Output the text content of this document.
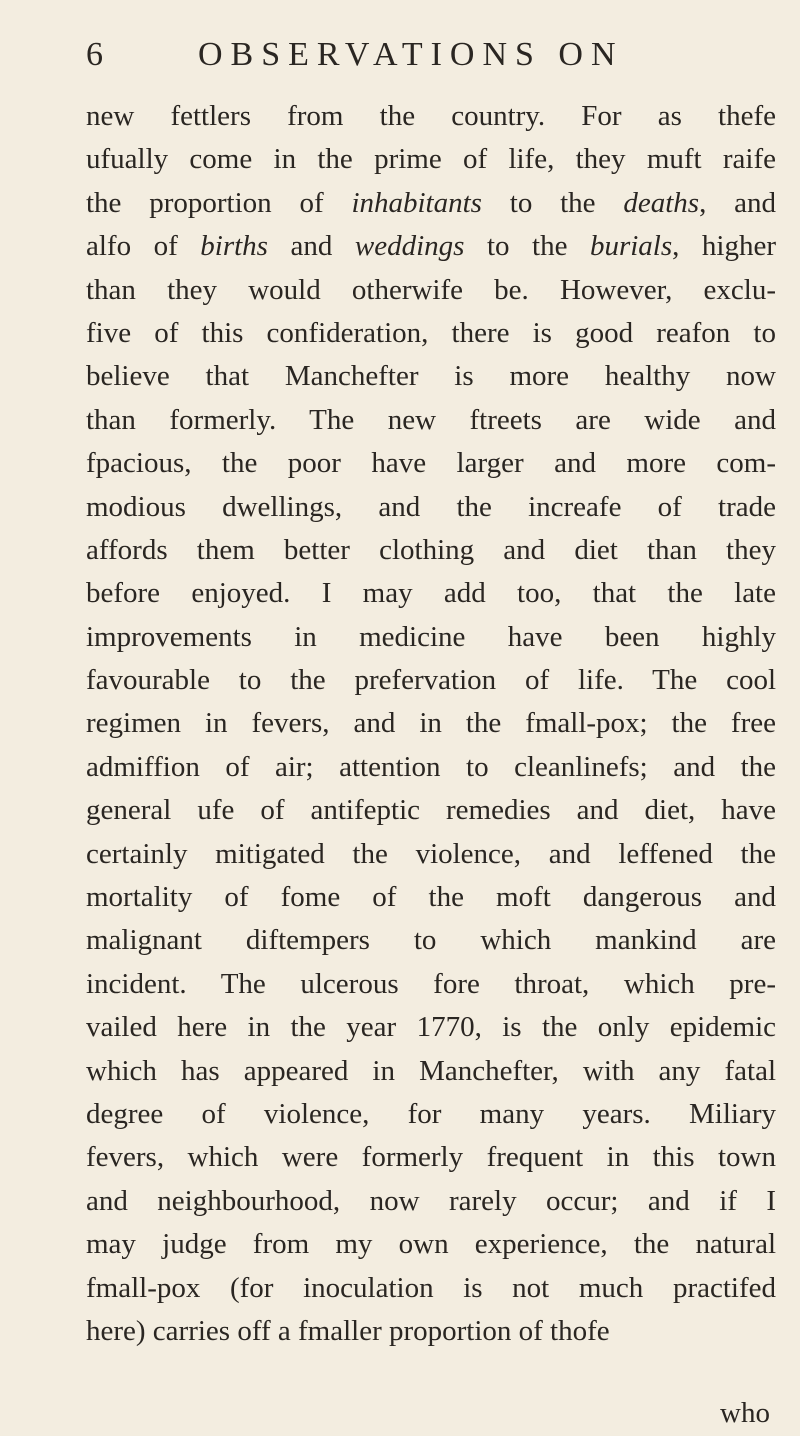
6	OBSERVATIONS ON
new fettlers from the country. For as thefe
ufually come in the prime of life, they muft raife
the proportion of inhabitants to the deaths, and
alfo of births and weddings to the burials, higher
than they would otherwife be. However, exclu-
five of this confideration, there is good reafon to
believe that Manchefter is more healthy now
than formerly. The new ftreets are wide and
fpacious, the poor have larger and more com-
modious dwellings, and the increafe of trade
affords them better clothing and diet than they
before enjoyed. I may add too, that the late
improvements in medicine have been highly
favourable to the prefervation of life. The cool
regimen in fevers, and in the fmall-pox; the free
admiffion of air; attention to cleanlinefs; and the
general ufe of antifeptic remedies and diet, have
certainly mitigated the violence, and leffened the
mortality of fome of the moft dangerous and
malignant diftempers to which mankind are
incident. The ulcerous fore throat, which pre-
vailed here in the year 1770, is the only epidemic
which has appeared in Manchefter, with any fatal
degree of violence, for many years. Miliary
fevers, which were formerly frequent in this town
and neighbourhood, now rarely occur; and if I
may judge from my own experience, the natural
fmall-pox (for inoculation is not much practifed
here) carries off a fmaller proportion of thofe
who
